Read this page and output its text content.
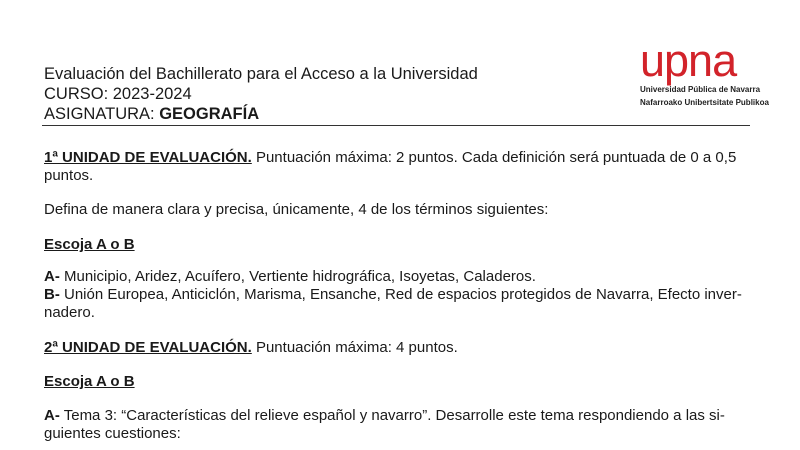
Evaluación del Bachillerato para el Acceso a la Universidad
CURSO: 2023-2024
ASIGNATURA: GEOGRAFÍA
upna
Universidad Pública de Navarra
Nafarroako Unibertsitate Publikoa
1ª UNIDAD DE EVALUACIÓN. Puntuación máxima: 2 puntos. Cada definición será puntuada de 0 a 0,5
puntos.
Defina de manera clara y precisa, únicamente, 4 de los términos siguientes:
Escoja A o B
A- Municipio, Aridez, Acuífero, Vertiente hidrográfica, Isoyetas, Caladeros.
B- Unión Europea, Anticiclón, Marisma, Ensanche, Red de espacios protegidos de Navarra, Efecto inver-
nadero.
2ª UNIDAD DE EVALUACIÓN. Puntuación máxima: 4 puntos.
Escoja A o B
A- Tema 3: “Características del relieve español y navarro”. Desarrolle este tema respondiendo a las si-
guientes cuestiones:
